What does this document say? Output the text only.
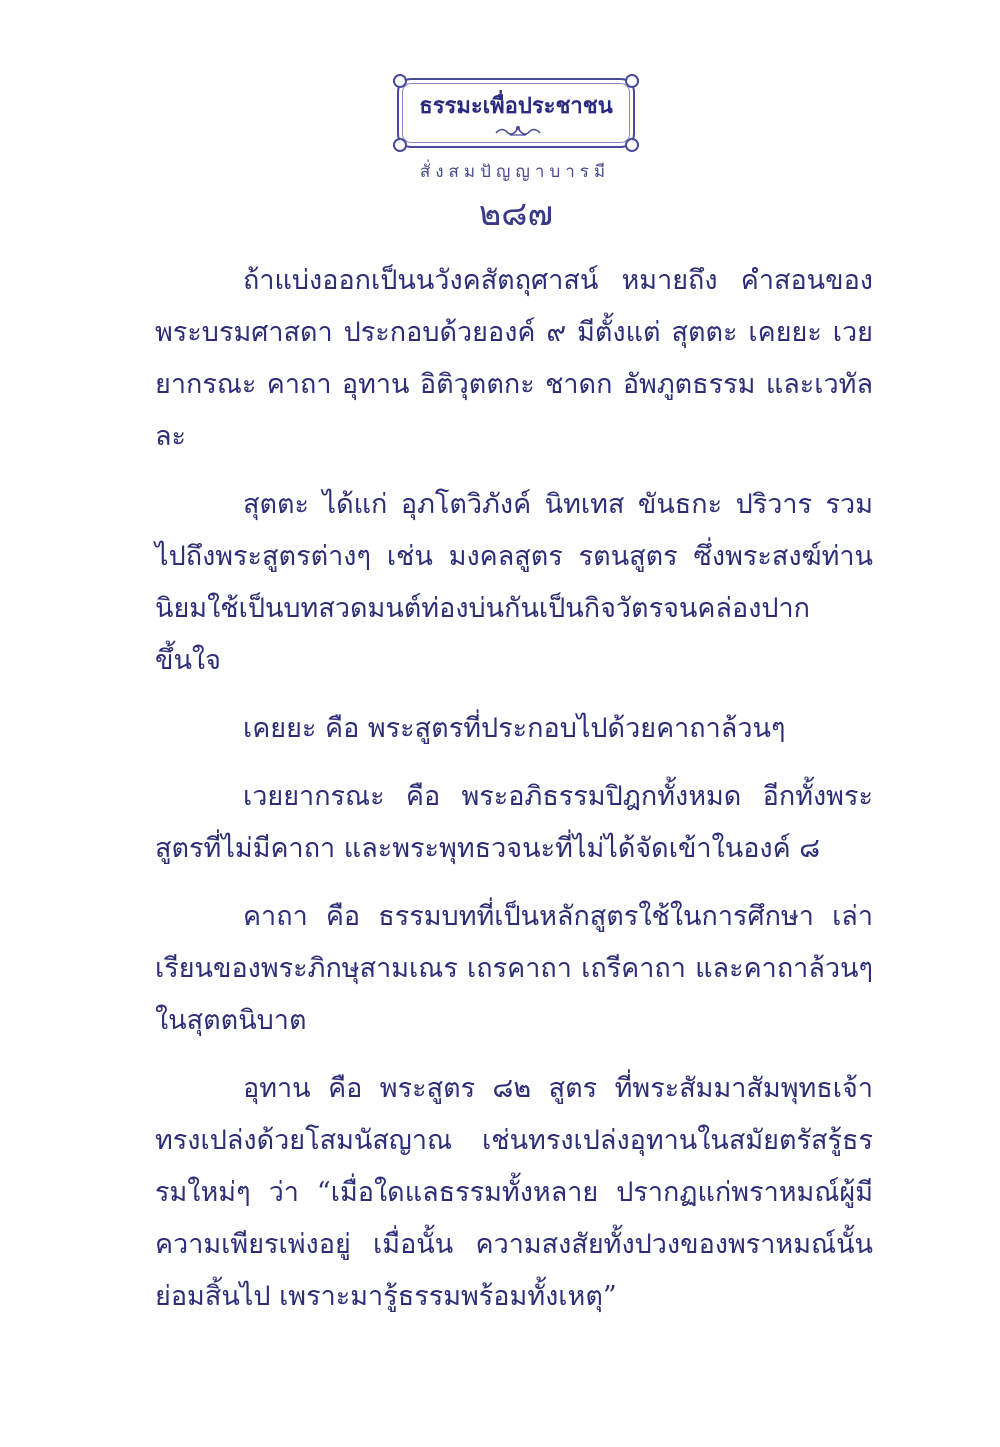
ธรรมะเพื่อประชาชน
สั่งสมปัญญาบารมี
๒๘๗

ถ้าแบ่งออกเป็นนวังคสัตถุศาสน์ หมายถึง คำสอนของพระบรมศาสดา ประกอบด้วยองค์ ๙ มีตั้งแต่ สุตตะ เคยยะ เวยยากรณะ คาถา อุทาน อิติวุตตกะ ชาดก อัพภูตธรรม และเวทัลละ

สุตตะ ได้แก่ อุภโตวิภังค์ นิทเทส ขันธกะ ปริวาร รวมไปถึงพระสูตรต่างๆ เช่น มงคลสูตร รตนสูตร ซึ่งพระสงฆ์ท่านนิยมใช้เป็นบทสวดมนต์ท่องบ่นกันเป็นกิจวัตรจนคล่องปากขึ้นใจ

เคยยะ คือ พระสูตรที่ประกอบไปด้วยคาถาล้วนๆ

เวยยากรณะ คือ พระอภิธรรมปิฎกทั้งหมด อีกทั้งพระสูตรที่ไม่มีคาถา และพระพุทธวจนะที่ไม่ได้จัดเข้าในองค์ ๘

คาถา คือ ธรรมบทที่เป็นหลักสูตรใช้ในการศึกษา เล่าเรียนของพระภิกษุสามเณร เถรคาถา เถรีคาถา และคาถาล้วนๆ ในสุตตนิบาต

อุทาน คือ พระสูตร ๘๒ สูตร ที่พระสัมมาสัมพุทธเจ้าทรงเปล่งด้วยโสมนัสญาณ เช่นทรงเปล่งอุทานในสมัยตรัสรู้ธรรมใหม่ๆ ว่า “เมื่อใดแลธรรมทั้งหลาย ปรากฏแก่พราหมณ์ผู้มีความเพียรเพ่งอยู่ เมื่อนั้น ความสงสัยทั้งปวงของพราหมณ์นั้นย่อมสิ้นไป เพราะมารู้ธรรมพร้อมทั้งเหตุ”
